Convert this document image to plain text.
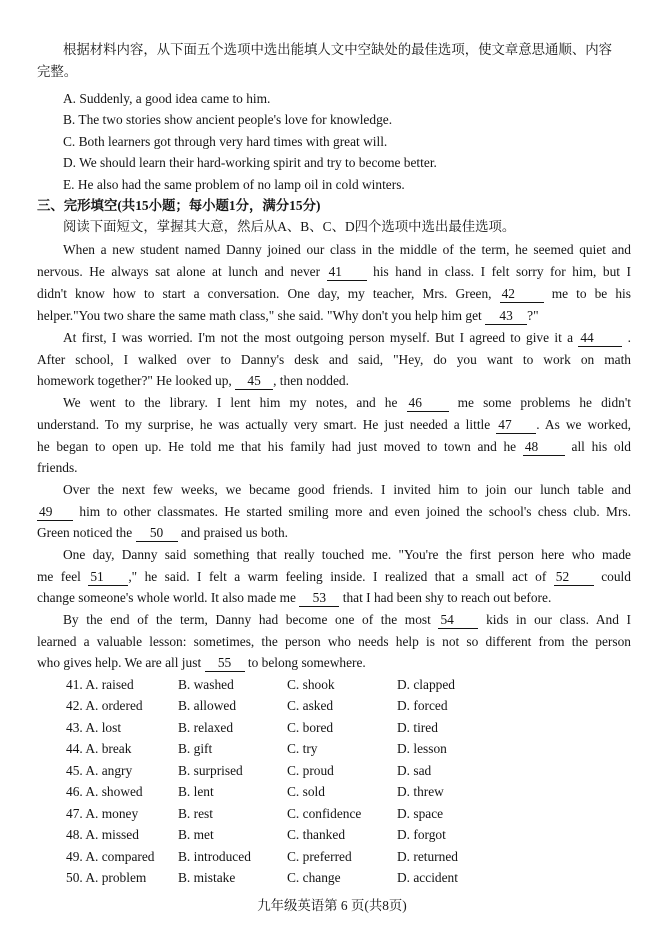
根据材料内容，从下面五个选项中选出能填人文中空缺处的最佳选项，使文章意思通顺、内容
完整。
A. Suddenly, a good idea came to him.
B. The two stories show ancient people's love for knowledge.
C. Both learners got through very hard times with great will.
D. We should learn their hard-working spirit and try to become better.
E. He also had the same problem of no lamp oil in cold winters.
三、完形填空(共15小题；每小题1分，满分15分)
阅读下面短文，掌握其大意，然后从A、B、C、D四个选项中选出最佳选项。
When a new student named Danny joined our class in the middle of the term, he seemed quiet and
nervous. He always sat alone at lunch and never 41 his hand in class. I felt sorry for him, but I
didn't know how to start a conversation. One day, my teacher, Mrs. Green, 42	me to be his
helper."You two share the same math class," she said. "Why don't you help him get 43 ?"
At first, I was worried. I'm not the most outgoing person myself. But I agreed to give it a 44	.
After school, I walked over to Danny's desk and said, "Hey, do you want to work on math
homework together?" He looked up, 45 , then nodded.
We went to the library. I lent him my notes, and he 46	me some problems he didn't
understand. To my surprise, he was actually very smart. He just needed a little 47 . As we worked,
he began to open up. He told me that his family had just moved to town and he 48 all his old
friends.
Over the next few weeks, we became good friends. I invited him to join our lunch table and
49 him to other classmates. He started smiling more and even joined the school's chess club. Mrs.
Green noticed the 50 and praised us both.
One day, Danny said something that really touched me. "You're the first person here who made
me feel 51 ," he said. I felt a warm feeling inside. I realized that a small act of 52 could
change someone's whole world. It also made me 53 that I had been shy to reach out before.
By the end of the term, Danny had become one of the most 54 kids in our class. And I
learned a valuable lesson: sometimes, the person who needs help is not so different from the person
who gives help. We are all just 55 to belong somewhere.
41. A. raised	B. washed	C. shook	D. clapped
42. A. ordered	B. allowed	C. asked	D. forced
43. A. lost	B. relaxed	C. bored	D. tired
44. A. break	B. gift	C. try	D. lesson
45. A. angry	B. surprised	C. proud	D. sad
46. A. showed	B. lent	C. sold	D. threw
47. A. money	B. rest	C. confidence	D. space
48. A. missed	B. met	C. thanked	D. forgot
49. A. compared B. introduced	C. preferred	D. returned
50. A. problem B. mistake	C. change	D. accident
九年级英语第 6 页(共8页)
